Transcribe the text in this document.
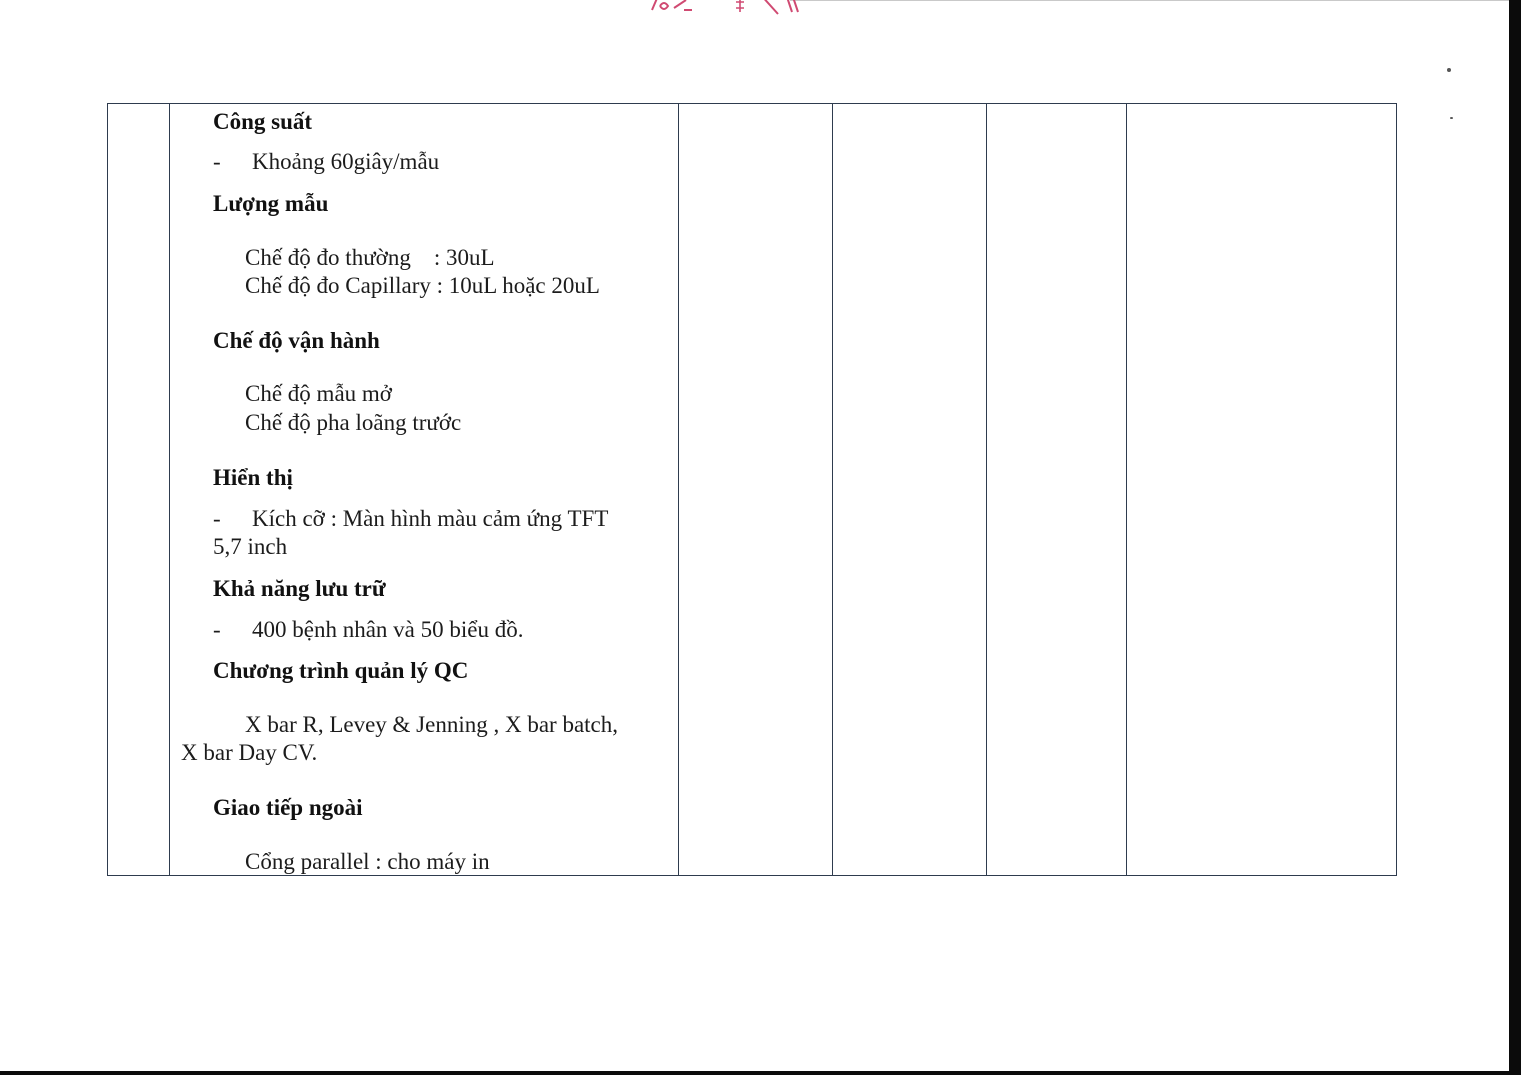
Công suất
- Khoảng 60giây/mẫu
Lượng mẫu
Chế độ đo thường    : 30uL
Chế độ đo Capillary : 10uL hoặc 20uL
Chế độ vận hành
Chế độ mẫu mở
Chế độ pha loãng trước
Hiển thị
- Kích cỡ : Màn hình màu cảm ứng TFT
5,7 inch
Khả năng lưu trữ
- 400 bệnh nhân và 50 biểu đồ.
Chương trình quản lý QC
X bar R, Levey & Jenning , X bar batch,
X bar Day CV.
Giao tiếp ngoài
Cổng parallel : cho máy in
